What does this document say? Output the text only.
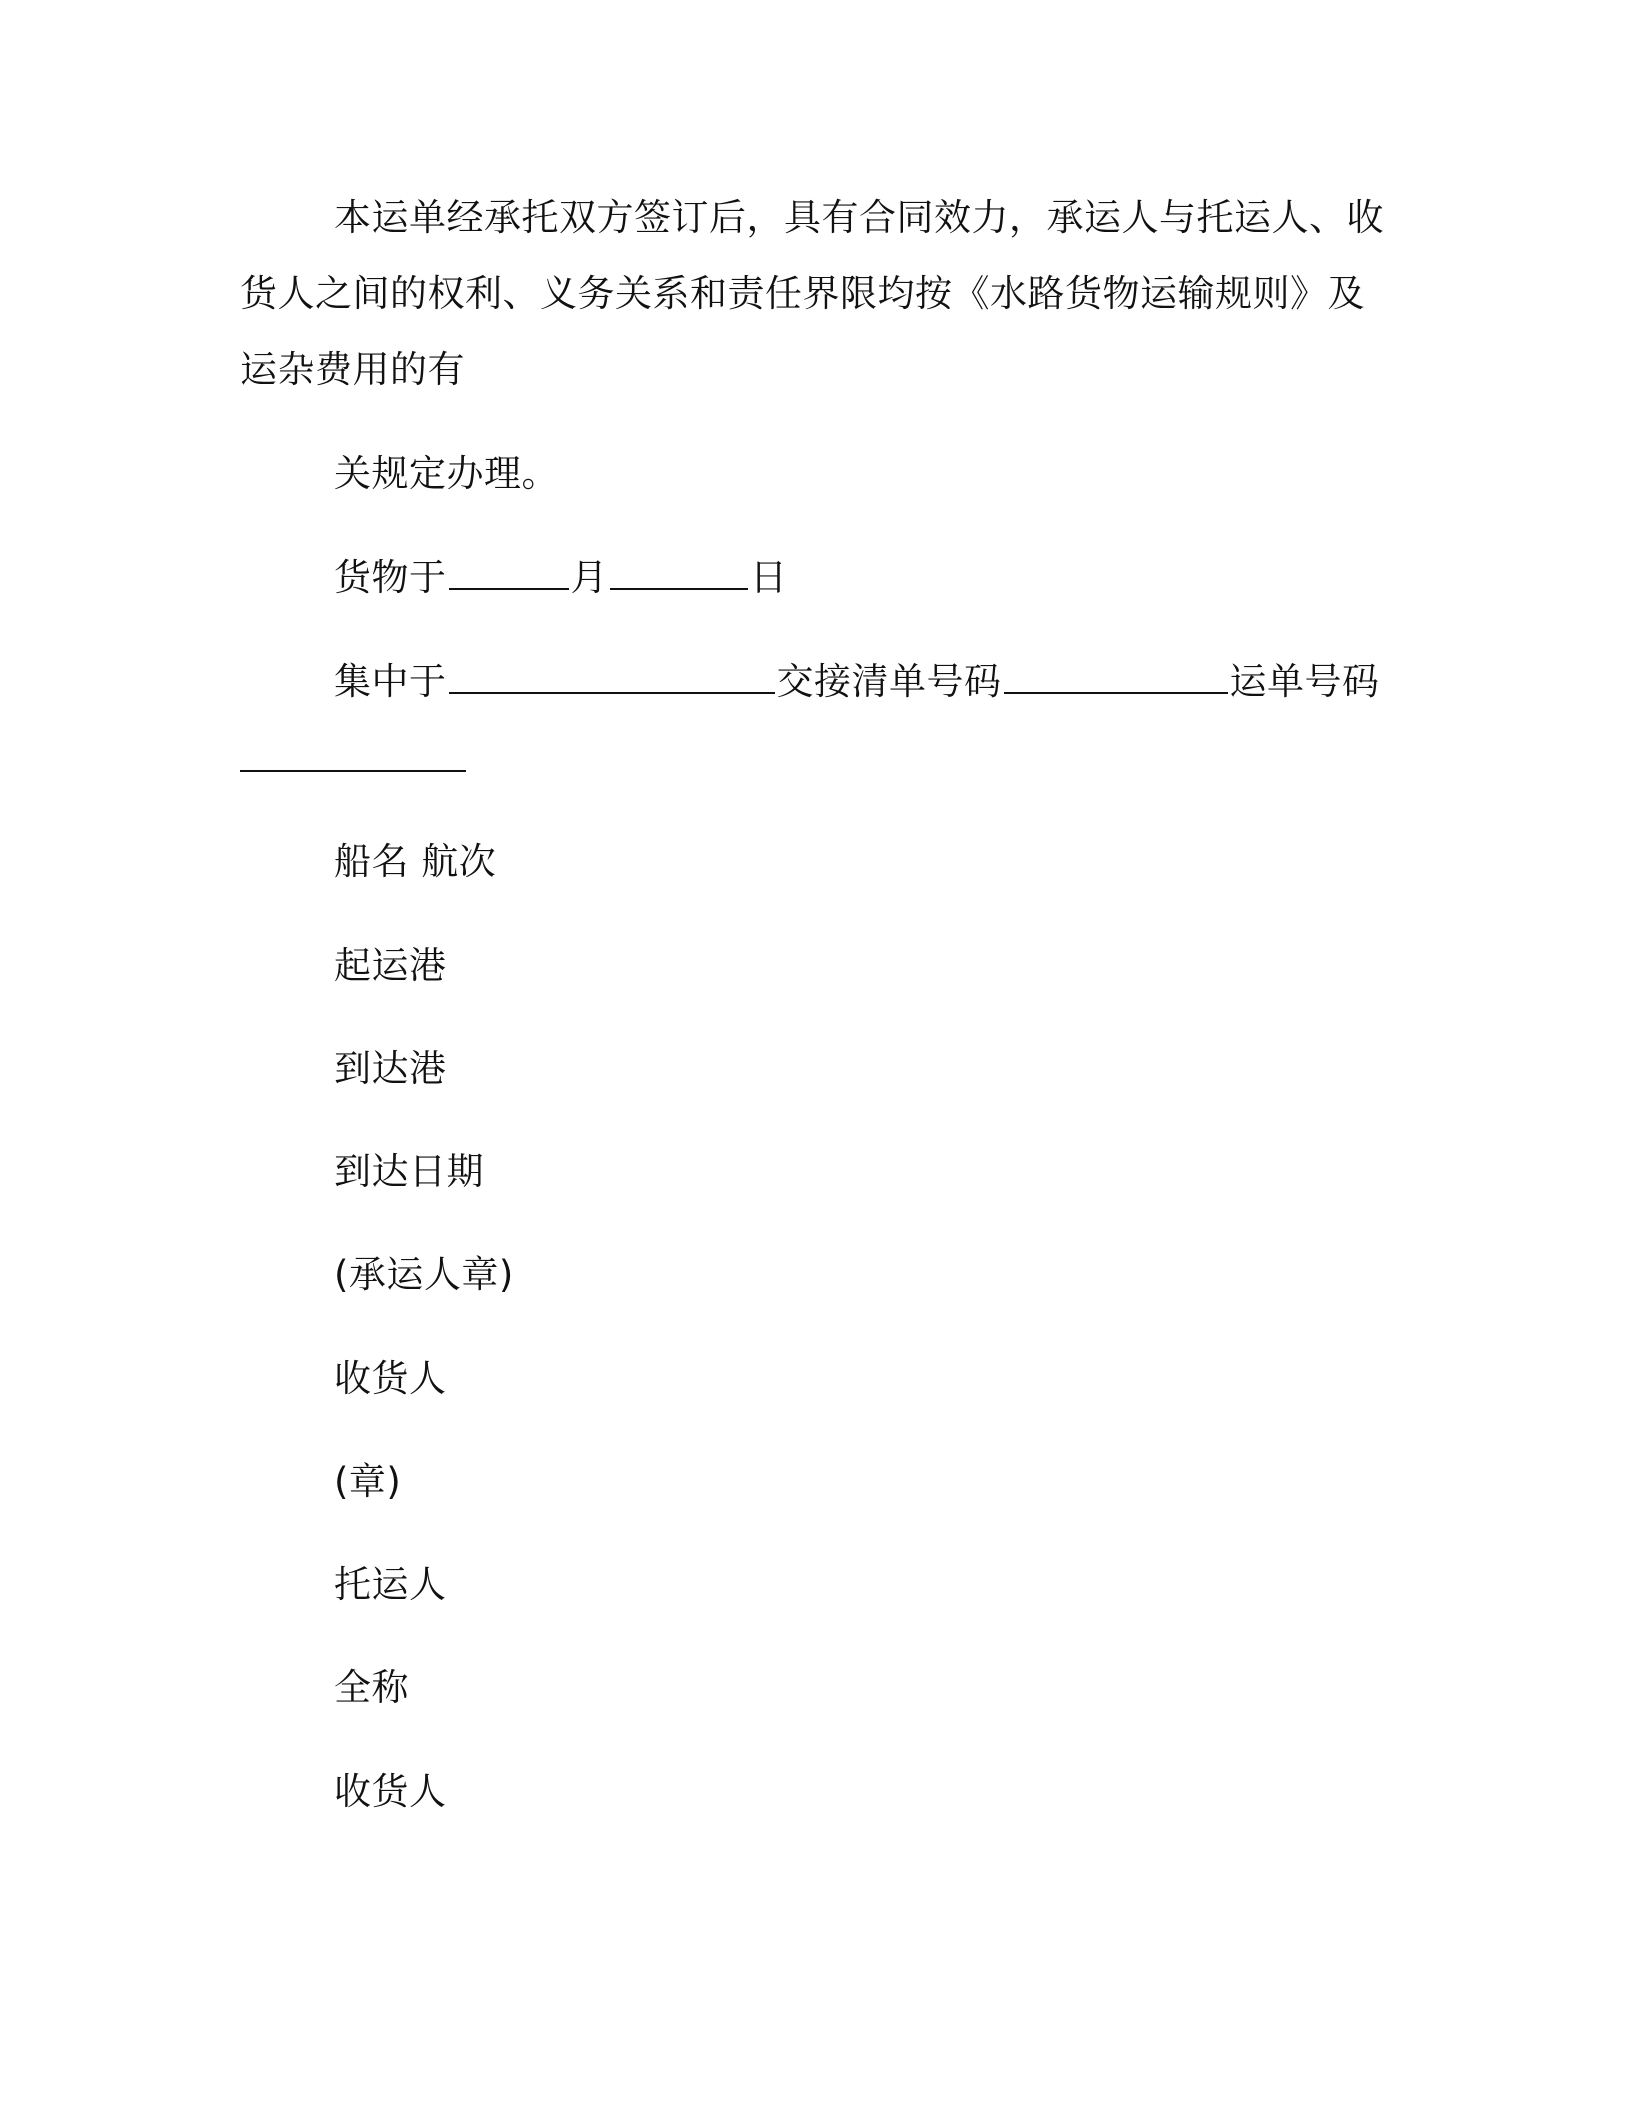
本运单经承托双方签订后，具有合同效力，承运人与托运人、收
货人之间的权利、义务关系和责任界限均按《水路货物运输规则》及
运杂费用的有
关规定办理。
货物于	月	日
集中于	交接清单号码	运单号码
船名 航次
起运港
到达港
到达日期
(承运人章)
收货人
(章)
托运人
全称
收货人
